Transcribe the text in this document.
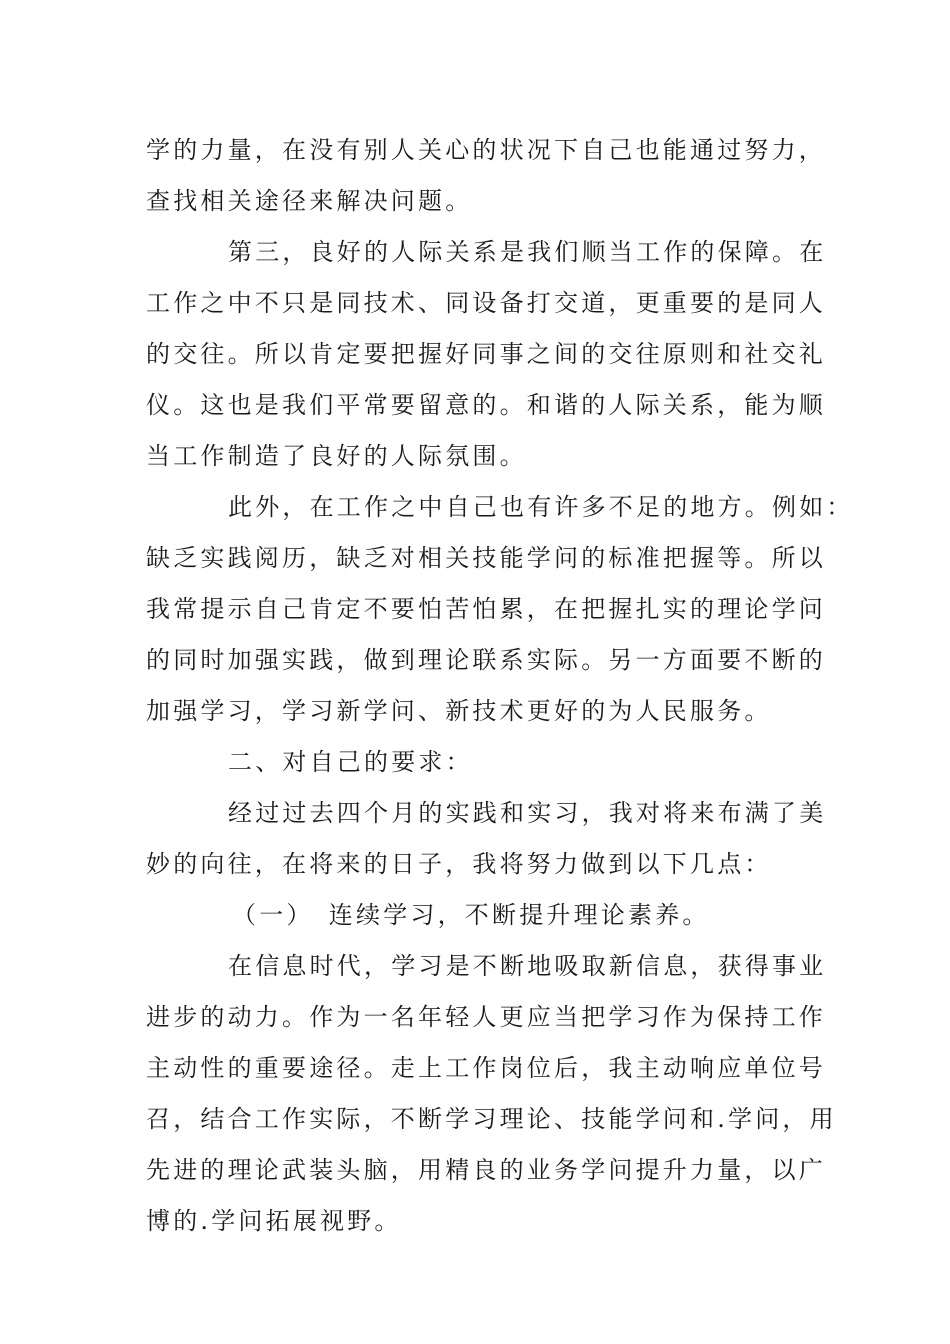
学的力量，在没有别人关心的状况下自己也能通过努力，
查找相关途径来解决问题。
第三，良好的人际关系是我们顺当工作的保障。在
工作之中不只是同技术、同设备打交道，更重要的是同人
的交往。所以肯定要把握好同事之间的交往原则和社交礼
仪。这也是我们平常要留意的。和谐的人际关系，能为顺
当工作制造了良好的人际氛围。
此外，在工作之中自己也有许多不足的地方。例如：
缺乏实践阅历，缺乏对相关技能学问的标准把握等。所以
我常提示自己肯定不要怕苦怕累，在把握扎实的理论学问
的同时加强实践，做到理论联系实际。另一方面要不断的
加强学习，学习新学问、新技术更好的为人民服务。
二、对自己的要求：
经过过去四个月的实践和实习，我对将来布满了美
妙的向往，在将来的日子，我将努力做到以下几点：
（一）　连续学习，不断提升理论素养。
在信息时代，学习是不断地吸取新信息，获得事业
进步的动力。作为一名年轻人更应当把学习作为保持工作
主动性的重要途径。走上工作岗位后，我主动响应单位号
召，结合工作实际，不断学习理论、技能学问和.学问，用
先进的理论武装头脑，用精良的业务学问提升力量，以广
博的.学问拓展视野。
